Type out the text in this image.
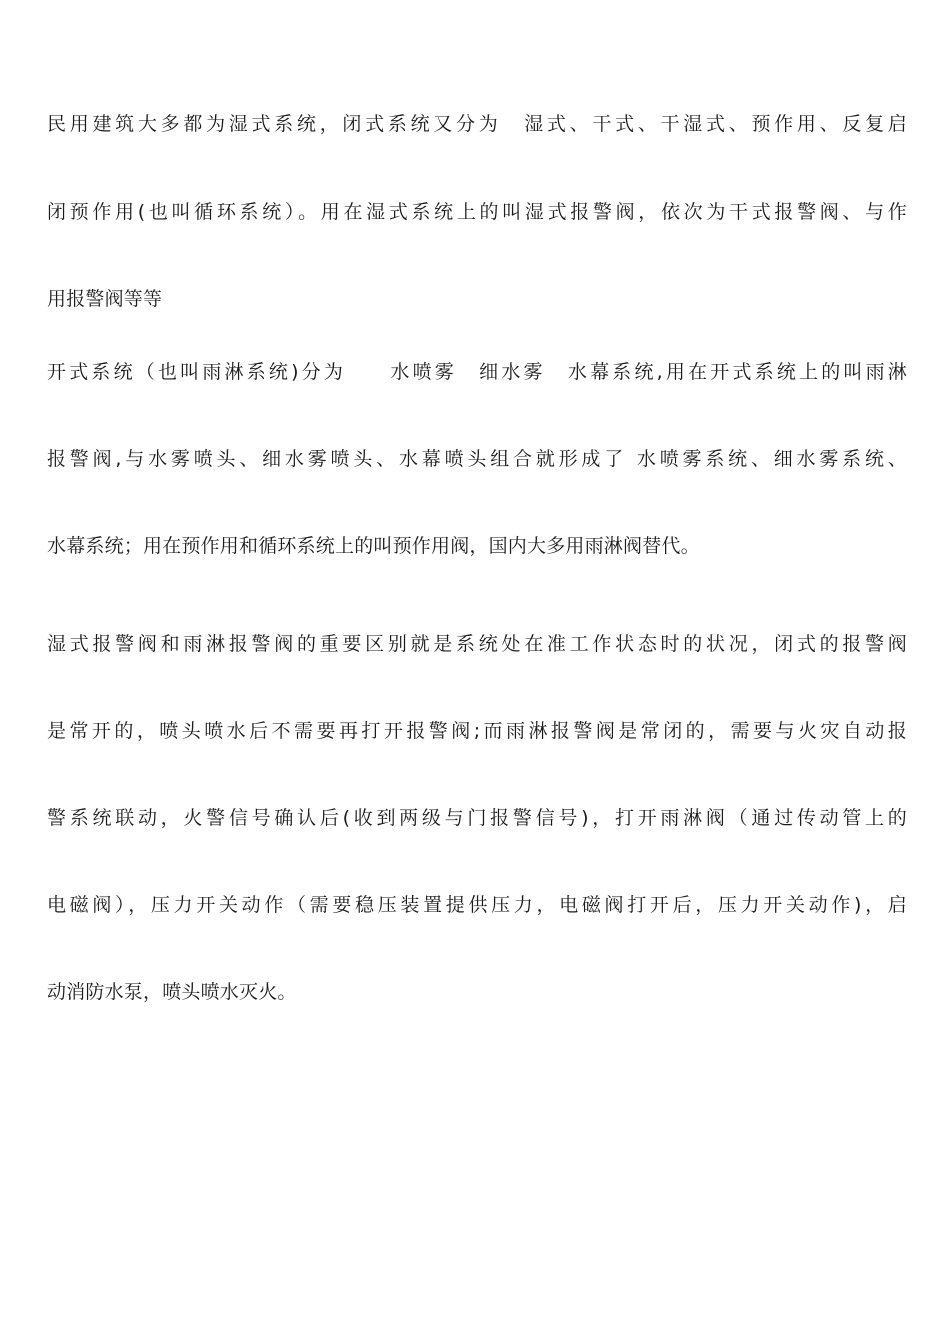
民用建筑大多都为湿式系统，闭式系统又分为　湿式、干式、干湿式、预作用、反复启
闭预作用(也叫循环系统）。用在湿式系统上的叫湿式报警阀，依次为干式报警阀、与作
用报警阀等等
开式系统（也叫雨淋系统)分为　　水喷雾　细水雾　水幕系统,用在开式系统上的叫雨淋
报警阀,与水雾喷头、细水雾喷头、水幕喷头组合就形成了 水喷雾系统、细水雾系统、
水幕系统；用在预作用和循环系统上的叫预作用阀，国内大多用雨淋阀替代。
湿式报警阀和雨淋报警阀的重要区别就是系统处在准工作状态时的状况，闭式的报警阀
是常开的，喷头喷水后不需要再打开报警阀;而雨淋报警阀是常闭的，需要与火灾自动报
警系统联动，火警信号确认后(收到两级与门报警信号)，打开雨淋阀（通过传动管上的
电磁阀），压力开关动作（需要稳压装置提供压力，电磁阀打开后，压力开关动作)，启
动消防水泵，喷头喷水灭火。
